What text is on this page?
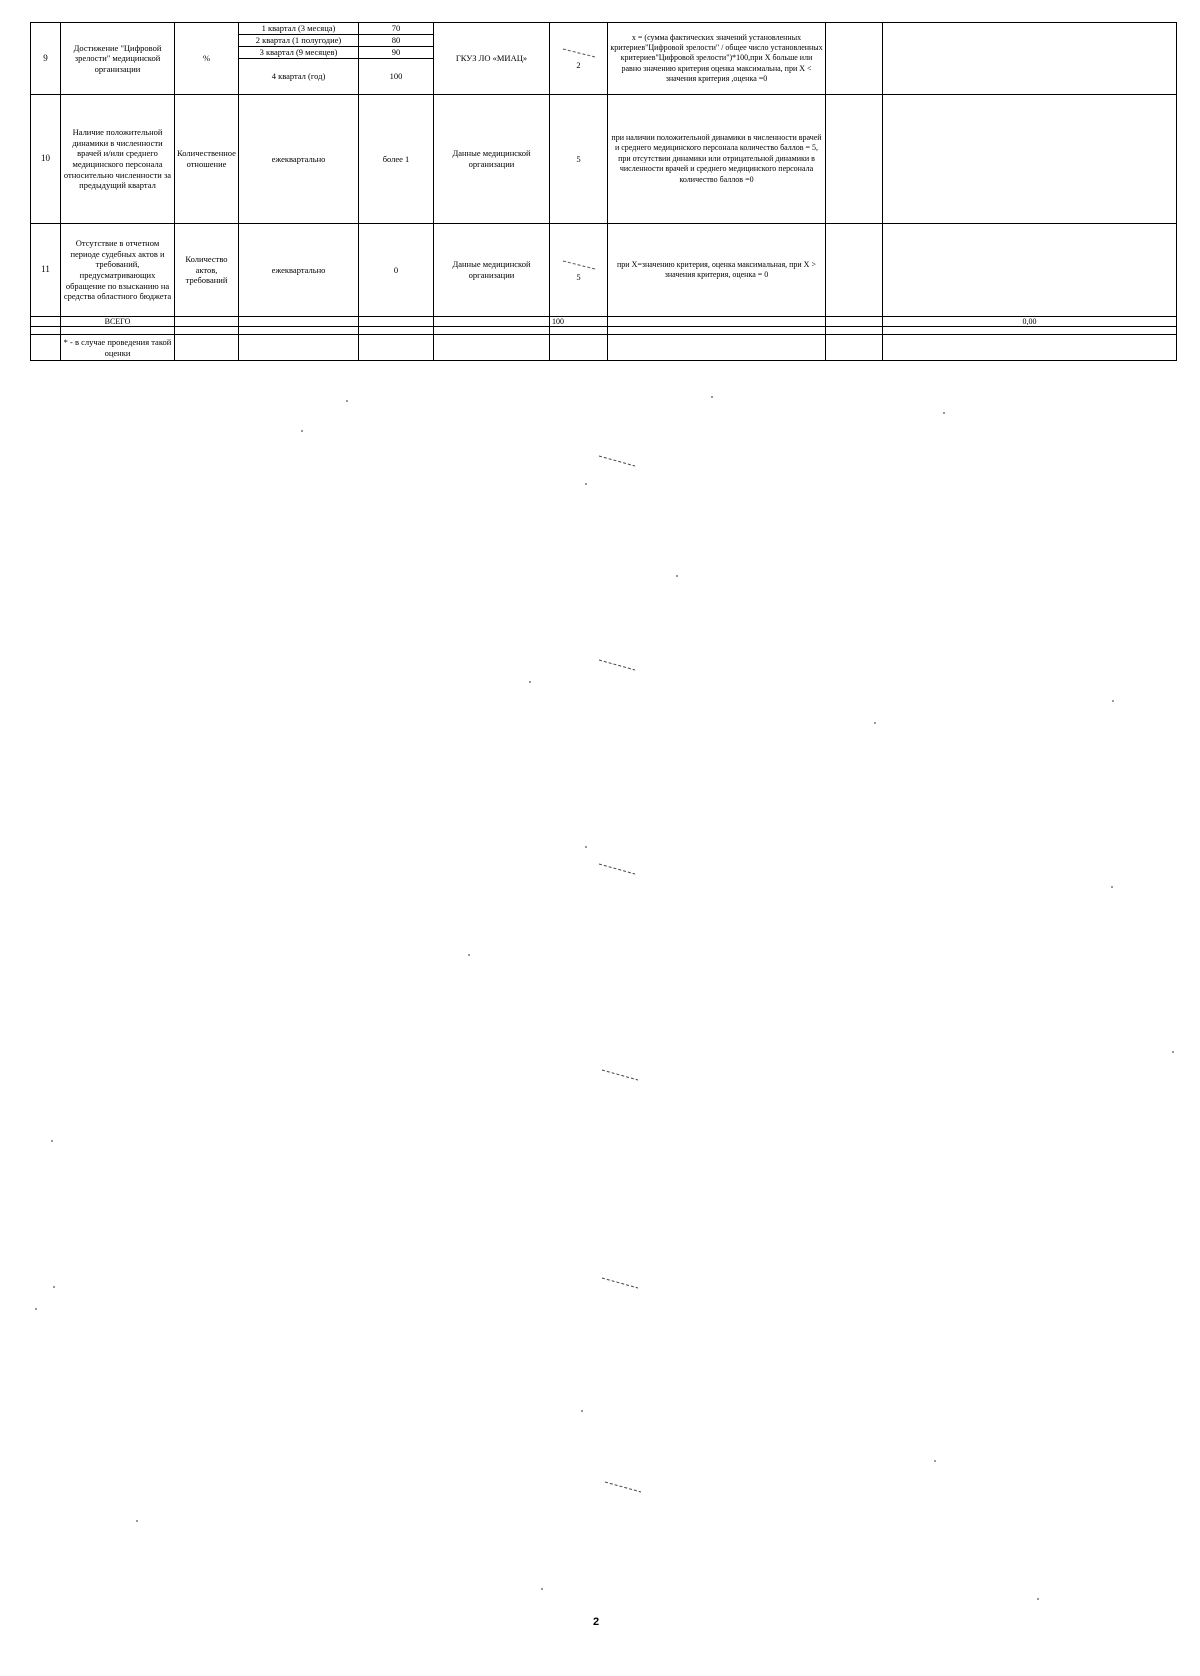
9	Достижение "Цифровой зрелости" медицинской организации	%	1 квартал (3 месяца)	70	ГКУЗ ЛО «МИАЦ»	2	x = (сумма фактических значений установленных критериев"Цифровой зрелости" / общее число установленных критериев"Цифровой зрелости")*100,при X больше или равно значению критерия оценка максимальна, при X < значения критерия ,оценка =0		
			2 квартал (1 полугодие)	80					
			3 квартал (9 месяцев)	90					
			4 квартал (год)	100					
10	Наличие положительной динамики в численности врачей и/или среднего медицинского персонала относительно численности за предыдущий квартал	Количественное отношение	ежеквартально	более 1	Данные медицинской организации	5	при наличии положительной динамики в численности врачей и среднего медицинского персонала количество баллов = 5, при отсутствии динамики или отрицательной динамики в численности врачей и среднего медицинского персонала количество баллов =0		
11	Отсутствие в отчетном периоде судебных актов и требований, предусматривающих обращение по взысканию на средства областного бюджета	Количество актов, требований	ежеквартально	0	Данные медицинской организации	5	при X=значению критерия, оценка максимальная, при X > значения критерия, оценка = 0		
	ВСЕГО					100			0,00

	* - в случае проведения такой оценки								
2
